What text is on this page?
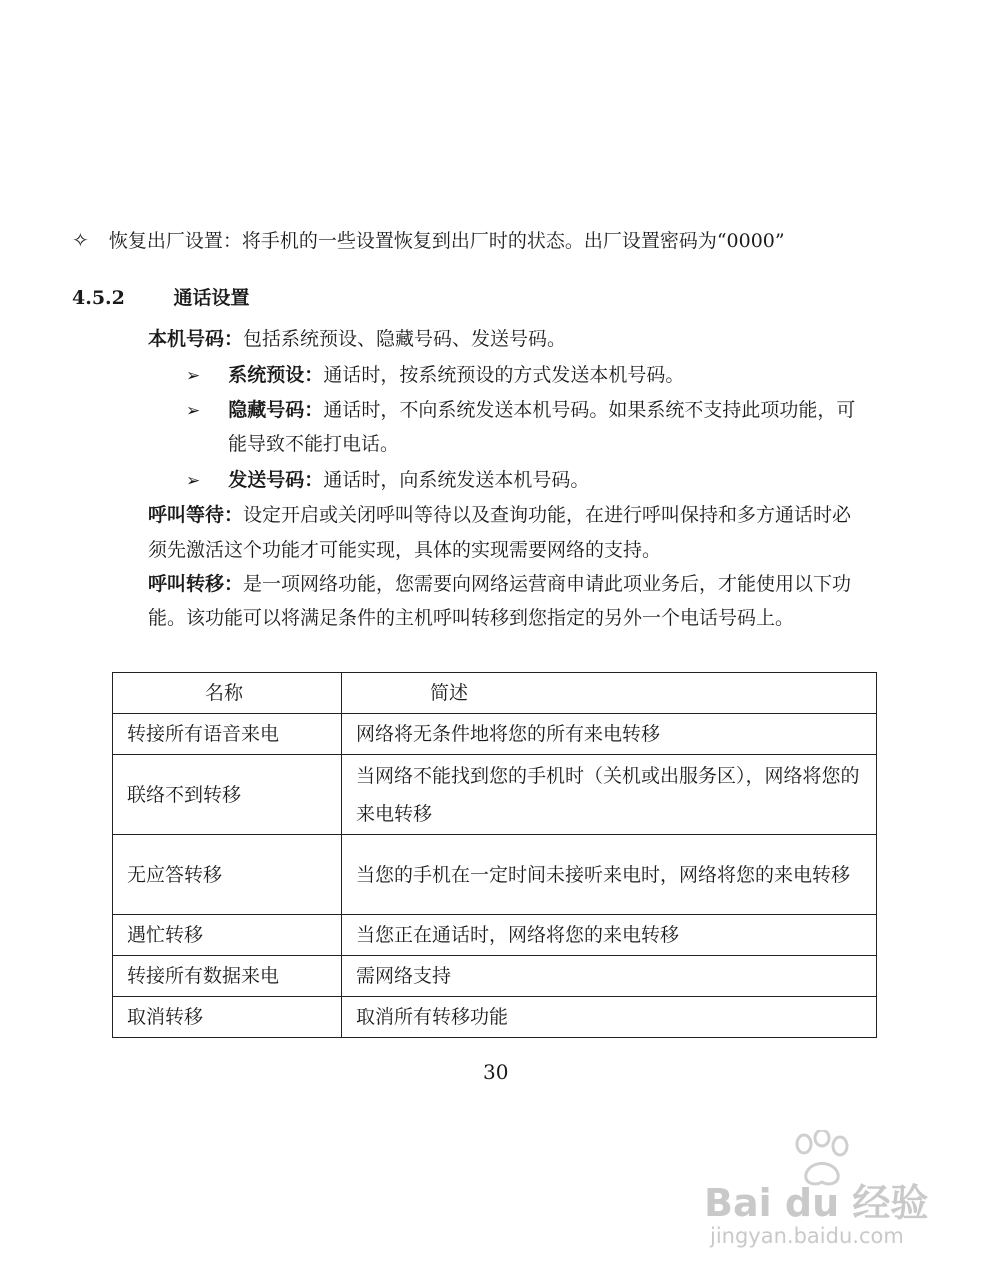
✧ 恢复出厂设置：将手机的一些设置恢复到出厂时的状态。出厂设置密码为“0000”
4.5.2	通话设置
本机号码：包括系统预设、隐藏号码、发送号码。
➢ 系统预设：通话时，按系统预设的方式发送本机号码。
➢ 隐藏号码：通话时，不向系统发送本机号码。如果系统不支持此项功能，可
能导致不能打电话。
➢ 发送号码：通话时，向系统发送本机号码。
呼叫等待：设定开启或关闭呼叫等待以及查询功能，在进行呼叫保持和多方通话时必
须先激活这个功能才可能实现，具体的实现需要网络的支持。
呼叫转移：是一项网络功能，您需要向网络运营商申请此项业务后，才能使用以下功
能。该功能可以将满足条件的主机呼叫转移到您指定的另外一个电话号码上。
名称	简述
转接所有语音来电	网络将无条件地将您的所有来电转移
联络不到转移	当网络不能找到您的手机时（关机或出服务区），网络将您的来电转移
无应答转移	当您的手机在一定时间未接听来电时，网络将您的来电转移
遇忙转移	当您正在通话时，网络将您的来电转移
转接所有数据来电	需网络支持
取消转移	取消所有转移功能
30
Bai du 经验
jingyan.baidu.com
